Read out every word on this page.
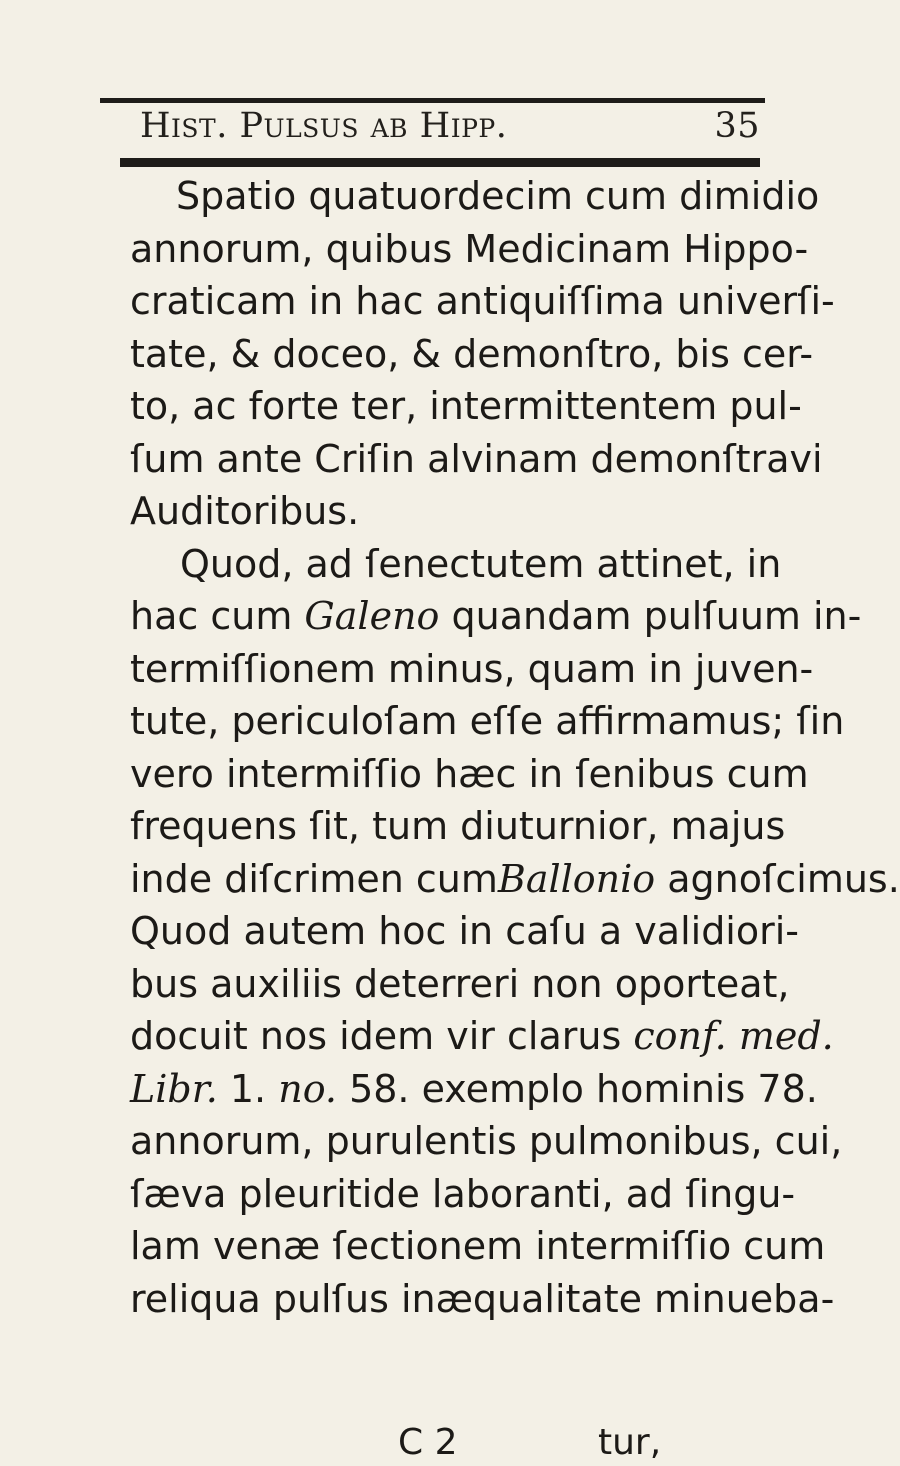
Hist. Pulsus ab Hipp.	35
Spatio quatuordecim cum dimidio
annorum, quibus Medicinam Hippo-
craticam in hac antiquiſſima univerſi-
tate, & doceo, & demonſtro, bis cer-
to, ac forte ter, intermittentem pul-
ſum ante Criſin alvinam demonſtravi
Auditoribus.
Quod, ad ſenectutem attinet, in
hac cum Galeno quandam pulſuum in-
termiſſionem minus, quam in juven-
tute, periculoſam eſſe affirmamus; ſin
vero intermiſſio hæc in ſenibus cum
frequens ſit, tum diuturnior, majus
inde diſcrimen cumBallonio agnoſcimus.
Quod autem hoc in caſu a validiori-
bus auxiliis deterreri non oporteat,
docuit nos idem vir clarus conf. med.
Libr. 1. no. 58. exemplo hominis 78.
annorum, purulentis pulmonibus, cui,
ſæva pleuritide laboranti, ad ſingu-
lam venæ ſectionem intermiſſio cum
reliqua pulſus inæqualitate minueba-
C 2	tur,
